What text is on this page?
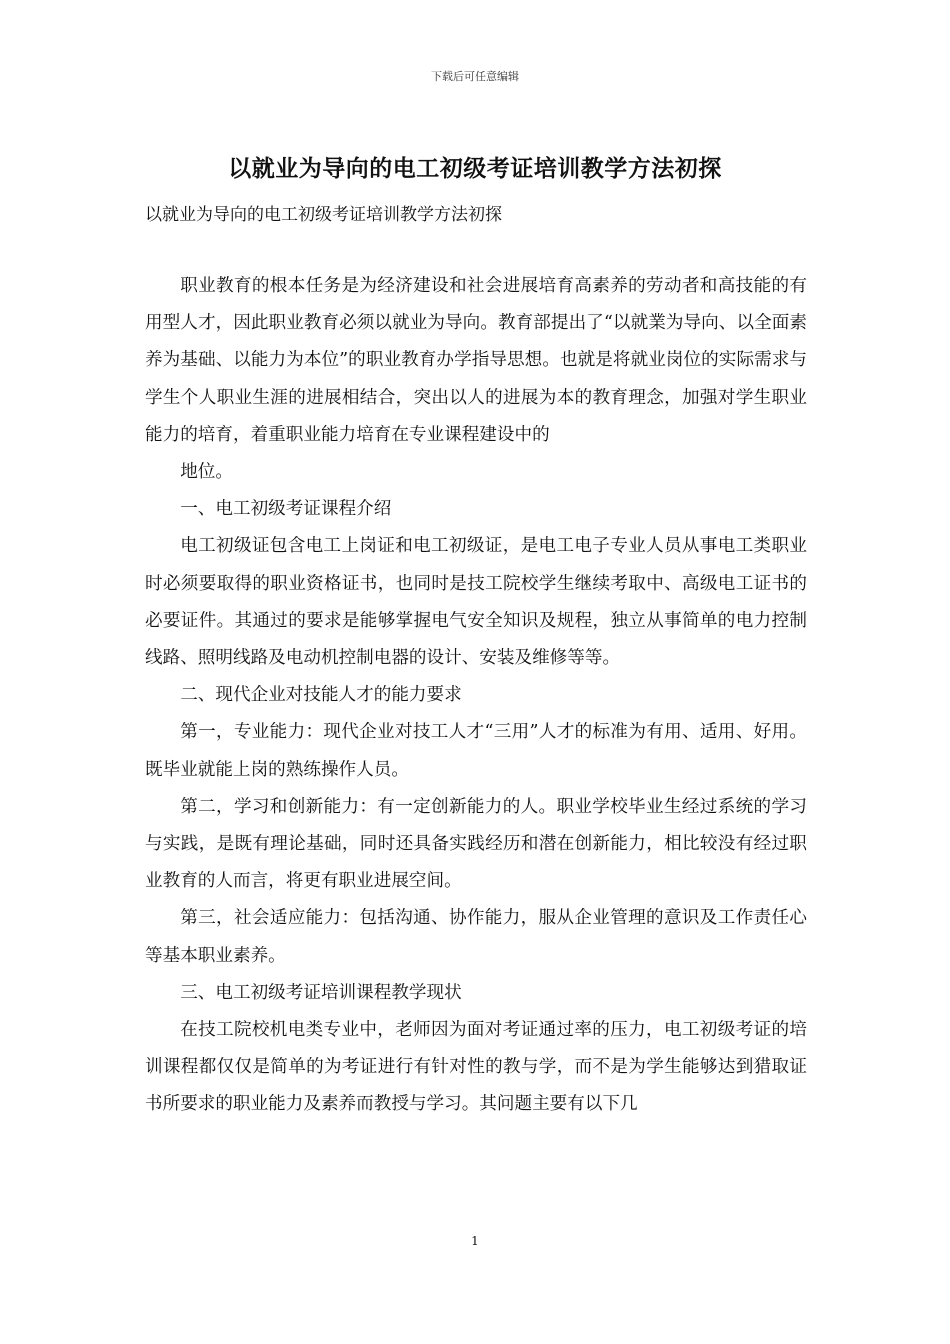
下载后可任意编辑
以就业为导向的电工初级考证培训教学方法初探
以就业为导向的电工初级考证培训教学方法初探

职业教育的根本任务是为经济建设和社会进展培育高素养的劳动者和高技能的有用型人才，因此职业教育必须以就业为导向。教育部提出了“以就業为导向、以全面素养为基础、以能力为本位”的职业教育办学指导思想。也就是将就业岗位的实际需求与学生个人职业生涯的进展相结合，突出以人的进展为本的教育理念，加强对学生职业能力的培育，着重职业能力培育在专业课程建设中的

地位。

一、电工初级考证课程介绍

电工初级证包含电工上岗证和电工初级证，是电工电子专业人员从事电工类职业时必须要取得的职业资格证书，也同时是技工院校学生继续考取中、高级电工证书的必要证件。其通过的要求是能够掌握电气安全知识及规程，独立从事简单的电力控制线路、照明线路及电动机控制电器的设计、安装及维修等等。

二、现代企业对技能人才的能力要求

第一，专业能力：现代企业对技工人才“三用”人才的标准为有用、适用、好用。既毕业就能上岗的熟练操作人员。

第二，学习和创新能力：有一定创新能力的人。职业学校毕业生经过系统的学习与实践，是既有理论基础，同时还具备实践经历和潜在创新能力，相比较没有经过职业教育的人而言，将更有职业进展空间。

第三，社会适应能力：包括沟通、协作能力，服从企业管理的意识及工作责任心等基本职业素养。

三、电工初级考证培训课程教学现状

在技工院校机电类专业中，老师因为面对考证通过率的压力，电工初级考证的培训课程都仅仅是简单的为考证进行有针对性的教与学，而不是为学生能够达到猎取证书所要求的职业能力及素养而教授与学习。其问题主要有以下几

1
